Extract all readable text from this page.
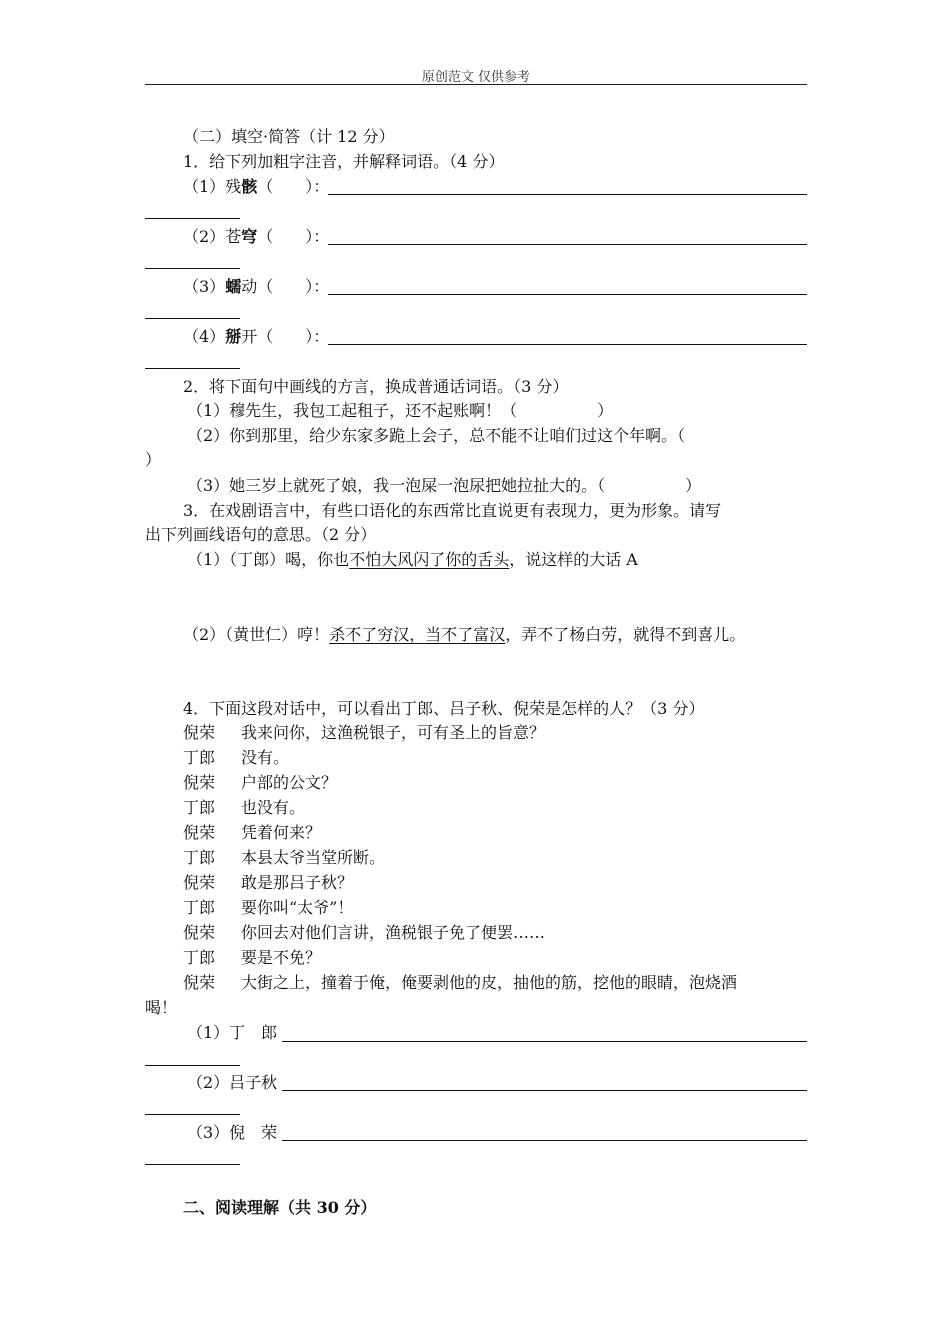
原创范文 仅供参考
（二）填空·简答（计 12 分）
1．给下列加粗字注音，并解释词语。（4 分）
（1）残骸（　　）：
（2）苍穹（　　）：
（3）蠕动（　　）：
（4）掰开（　　）：
2．将下面句中画线的方言，换成普通话词语。（3 分）
（1）穆先生，我包工起租子，还不起账啊！（　　　　　）
（2）你到那里，给少东家多跪上会子，总不能不让咱们过这个年啊。（
）
（3）她三岁上就死了娘，我一泡屎一泡尿把她拉扯大的。（　　　　　）
3．在戏剧语言中，有些口语化的东西常比直说更有表现力，更为形象。请写
出下列画线语句的意思。（2 分）
（1）（丁郎）喝，你也不怕大风闪了你的舌头，说这样的大话 A
（2）（黄世仁）哼！杀不了穷汉，当不了富汉，弄不了杨白劳，就得不到喜儿。
4．下面这段对话中，可以看出丁郎、吕子秋、倪荣是怎样的人？（3 分）
倪荣 我来问你，这渔税银子，可有圣上的旨意？
丁郎 没有。
倪荣 户部的公文？
丁郎 也没有。
倪荣 凭着何来？
丁郎 本县太爷当堂所断。
倪荣 敢是那吕子秋？
丁郎 要你叫“太爷”！
倪荣 你回去对他们言讲，渔税银子免了便罢……
丁郎 要是不免？
倪荣 大街之上，撞着于俺，俺要剥他的皮，抽他的筋，挖他的眼睛，泡烧酒
喝！
（1）丁　郎
（2）吕子秋
（3）倪　荣
二、阅读理解（共 30 分）
